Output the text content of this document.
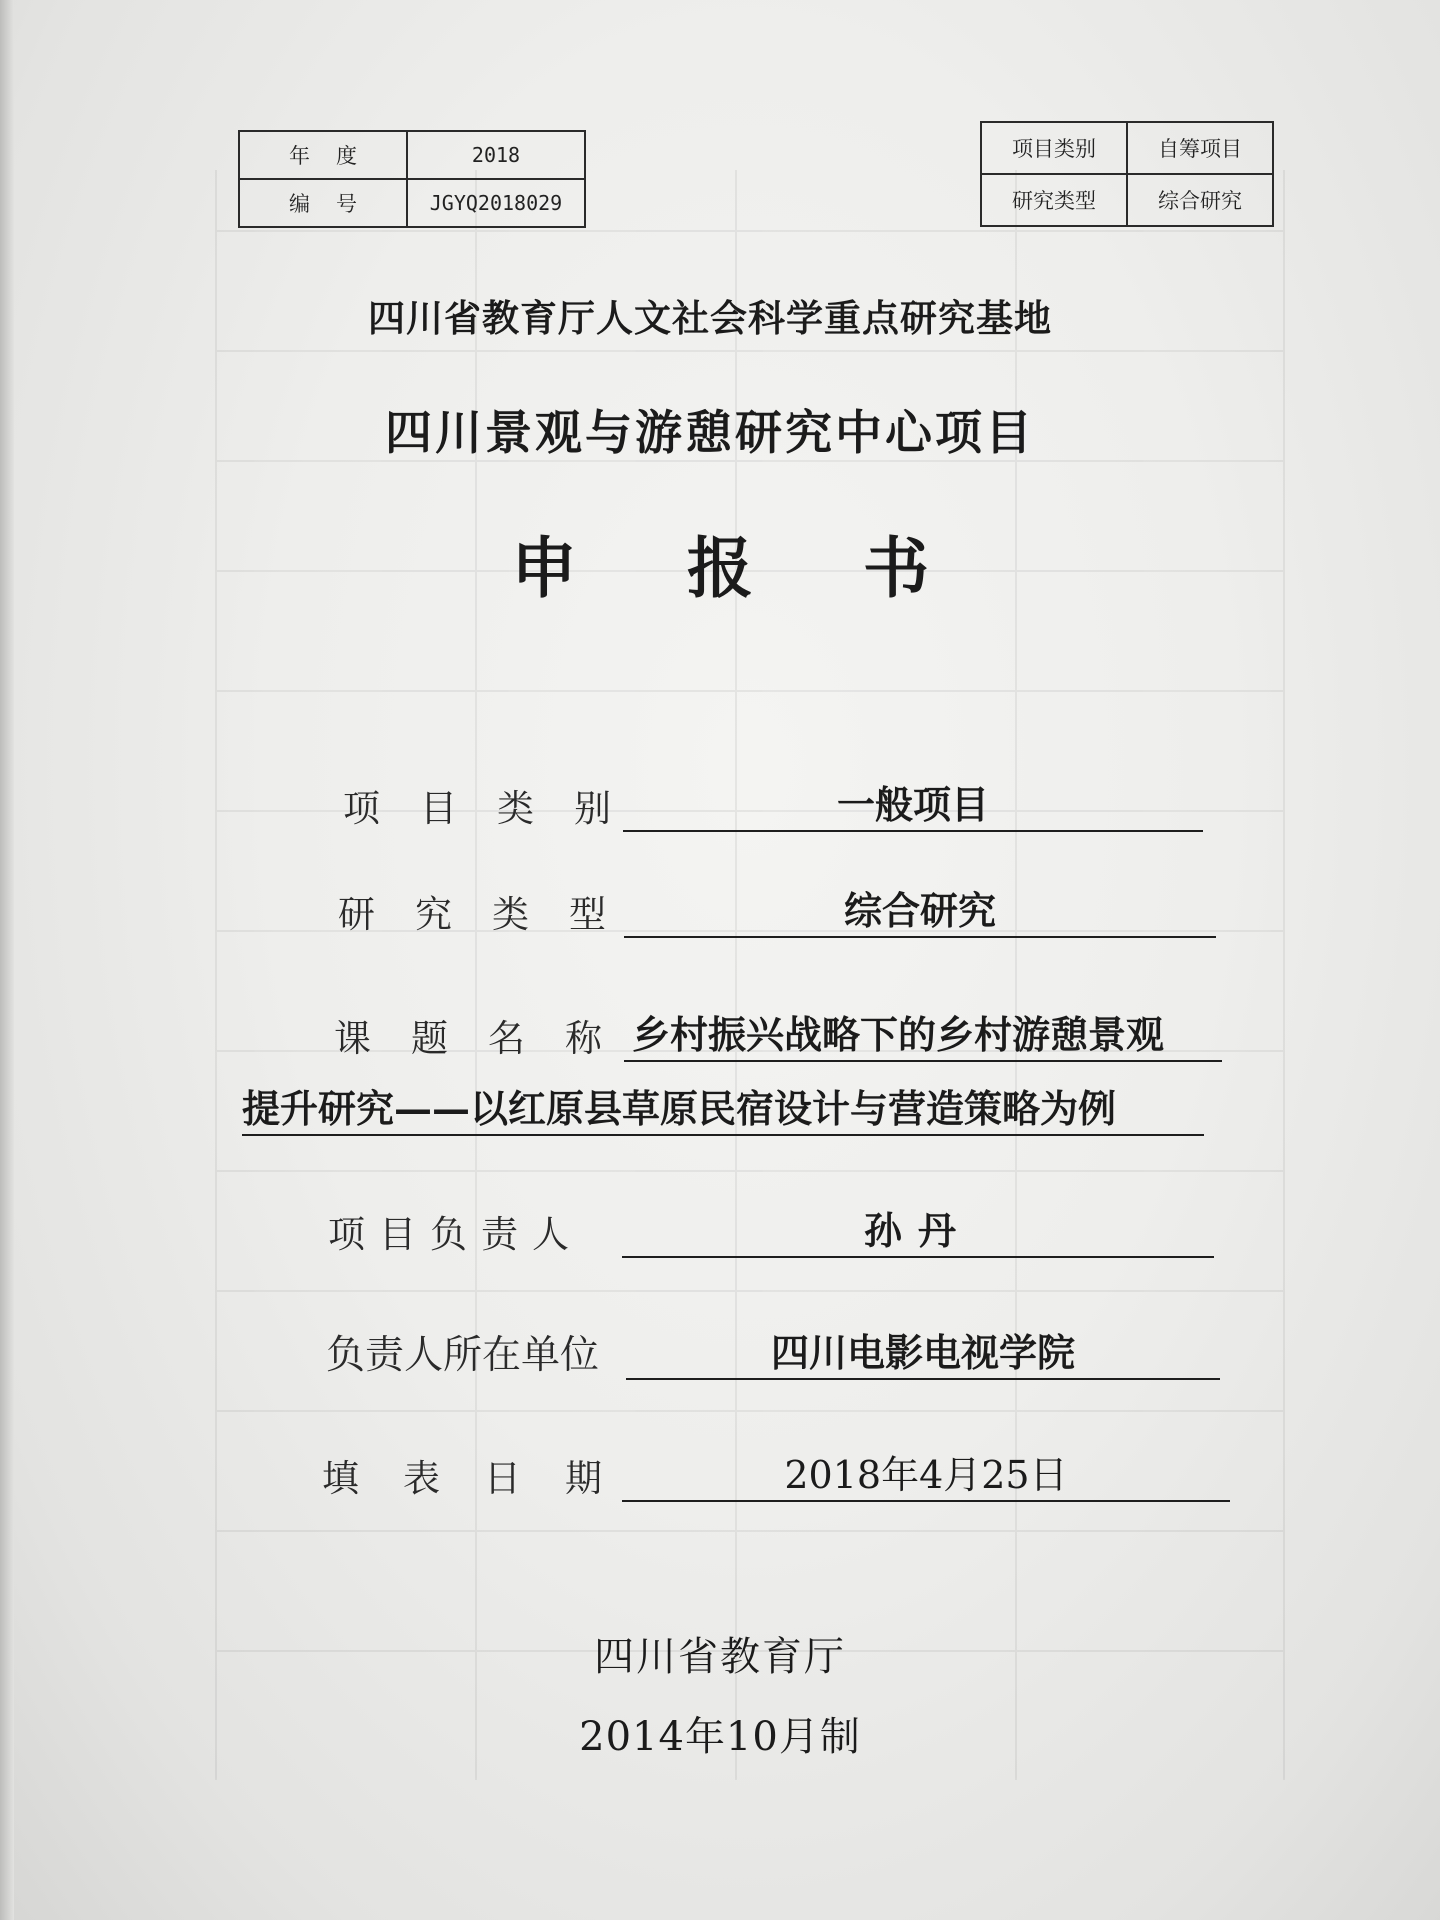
年度	2018
编号	JGYQ2018029
项目类别	自筹项目
研究类型	综合研究
四川省教育厅人文社会科学重点研究基地
四川景观与游憩研究中心项目
申报书
项目类别	一般项目
研究类型	综合研究
课题名称
乡村振兴战略下的乡村游憩景观
提升研究——以红原县草原民宿设计与营造策略为例
项目负责人	孙丹
负责人所在单位	四川电影电视学院
填表日期	2018年4月25日
四川省教育厅
2014年10月制
